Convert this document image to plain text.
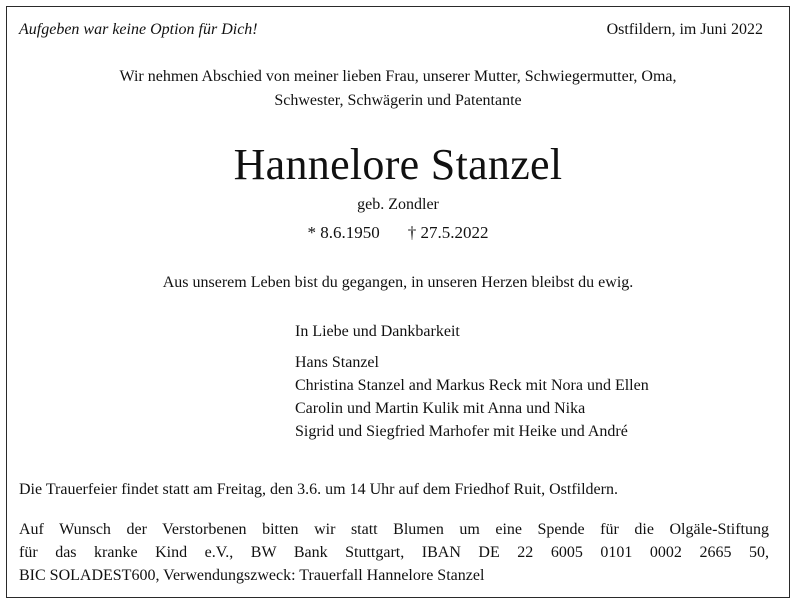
Aufgeben war keine Option für Dich!	Ostfildern, im Juni 2022
Wir nehmen Abschied von meiner lieben Frau, unserer Mutter, Schwiegermutter, Oma,
Schwester, Schwägerin und Patentante
Hannelore Stanzel
geb. Zondler
* 8.6.1950 † 27.5.2022
Aus unserem Leben bist du gegangen, in unseren Herzen bleibst du ewig.
In Liebe und Dankbarkeit
Hans Stanzel
Christina Stanzel and Markus Reck mit Nora und Ellen
Carolin und Martin Kulik mit Anna und Nika
Sigrid und Siegfried Marhofer mit Heike und André
Die Trauerfeier findet statt am Freitag, den 3.6. um 14 Uhr auf dem Friedhof Ruit, Ostfildern.
Auf Wunsch der Verstorbenen bitten wir statt Blumen um eine Spende für die Olgäle-Stiftung
für das kranke Kind e.V., BW Bank Stuttgart, IBAN DE 22 6005 0101 0002 2665 50,
BIC SOLADEST600, Verwendungszweck: Trauerfall Hannelore Stanzel
